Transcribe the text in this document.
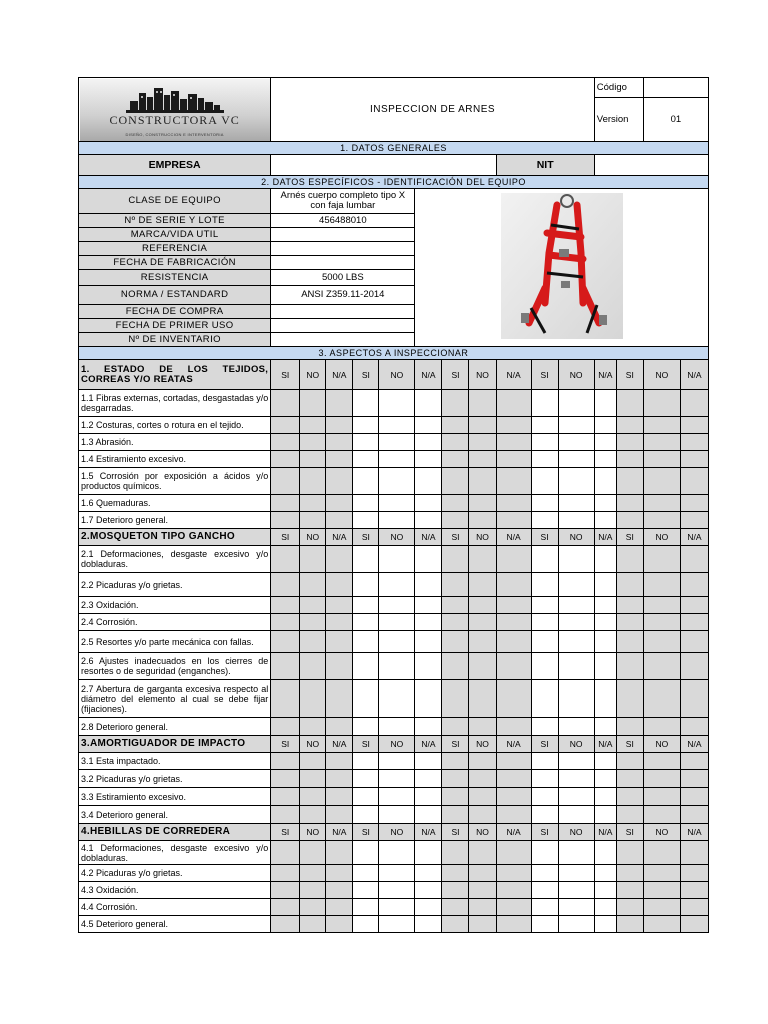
CONSTRUCTORA VC
DISEÑO, CONSTRUCCION E INTERVENTORIA	INSPECCION DE ARNES											Código			
												Version		01	

1. DATOS GENERALES															
EMPRESA									NIT						
2. DATOS ESPECÍFICOS - IDENTIFICACIÓN DEL EQUIPO															
CLASE DE EQUIPO	Arnés cuerpo completo tipo X con faja lumbar	
Nº DE SERIE Y LOTE	456488010														
MARCA/VIDA UTIL															
REFERENCIA															
FECHA DE FABRICACIÓN															
RESISTENCIA	5000 LBS														
NORMA / ESTANDARD	ANSI Z359.11-2014														
FECHA DE COMPRA															
FECHA DE PRIMER USO															
Nº DE INVENTARIO															
3. ASPECTOS A INSPECCIONAR															
1. ESTADO DE LOS TEJIDOS, CORREAS Y/O REATAS	SI	NO	N/A	SI	NO	N/A	SI	NO	N/A	SI	NO	N/A	SI	NO	N/A
1.1 Fibras externas, cortadas, desgastadas y/o desgarradas.															
1.2 Costuras, cortes o rotura en el tejido.															
1.3 Abrasión.															
1.4 Estiramiento excesivo.															
1.5 Corrosión por exposición a ácidos y/o productos químicos.															
1.6 Quemaduras.															
1.7 Deterioro general.															
2.MOSQUETON TIPO GANCHO	SI	NO	N/A	SI	NO	N/A	SI	NO	N/A	SI	NO	N/A	SI	NO	N/A
2.1 Deformaciones, desgaste excesivo y/o dobladuras.															
2.2 Picaduras y/o grietas.															
2.3 Oxidación.															
2.4 Corrosión.															
2.5 Resortes y/o parte mecánica con fallas.															
2.6 Ajustes inadecuados en los cierres de resortes o de seguridad (enganches).															
2.7 Abertura de garganta excesiva respecto al diámetro del elemento al cual se debe fijar (fijaciones).															
2.8 Deterioro general.															
3.AMORTIGUADOR DE IMPACTO	SI	NO	N/A	SI	NO	N/A	SI	NO	N/A	SI	NO	N/A	SI	NO	N/A
3.1 Esta impactado.															
3.2 Picaduras y/o grietas.															
3.3 Estiramiento excesivo.															
3.4 Deterioro general.															
4.HEBILLAS DE CORREDERA	SI	NO	N/A	SI	NO	N/A	SI	NO	N/A	SI	NO	N/A	SI	NO	N/A
4.1 Deformaciones, desgaste excesivo y/o dobladuras.															
4.2 Picaduras y/o grietas.															
4.3 Oxidación.															
4.4 Corrosión.															
4.5 Deterioro general.															
